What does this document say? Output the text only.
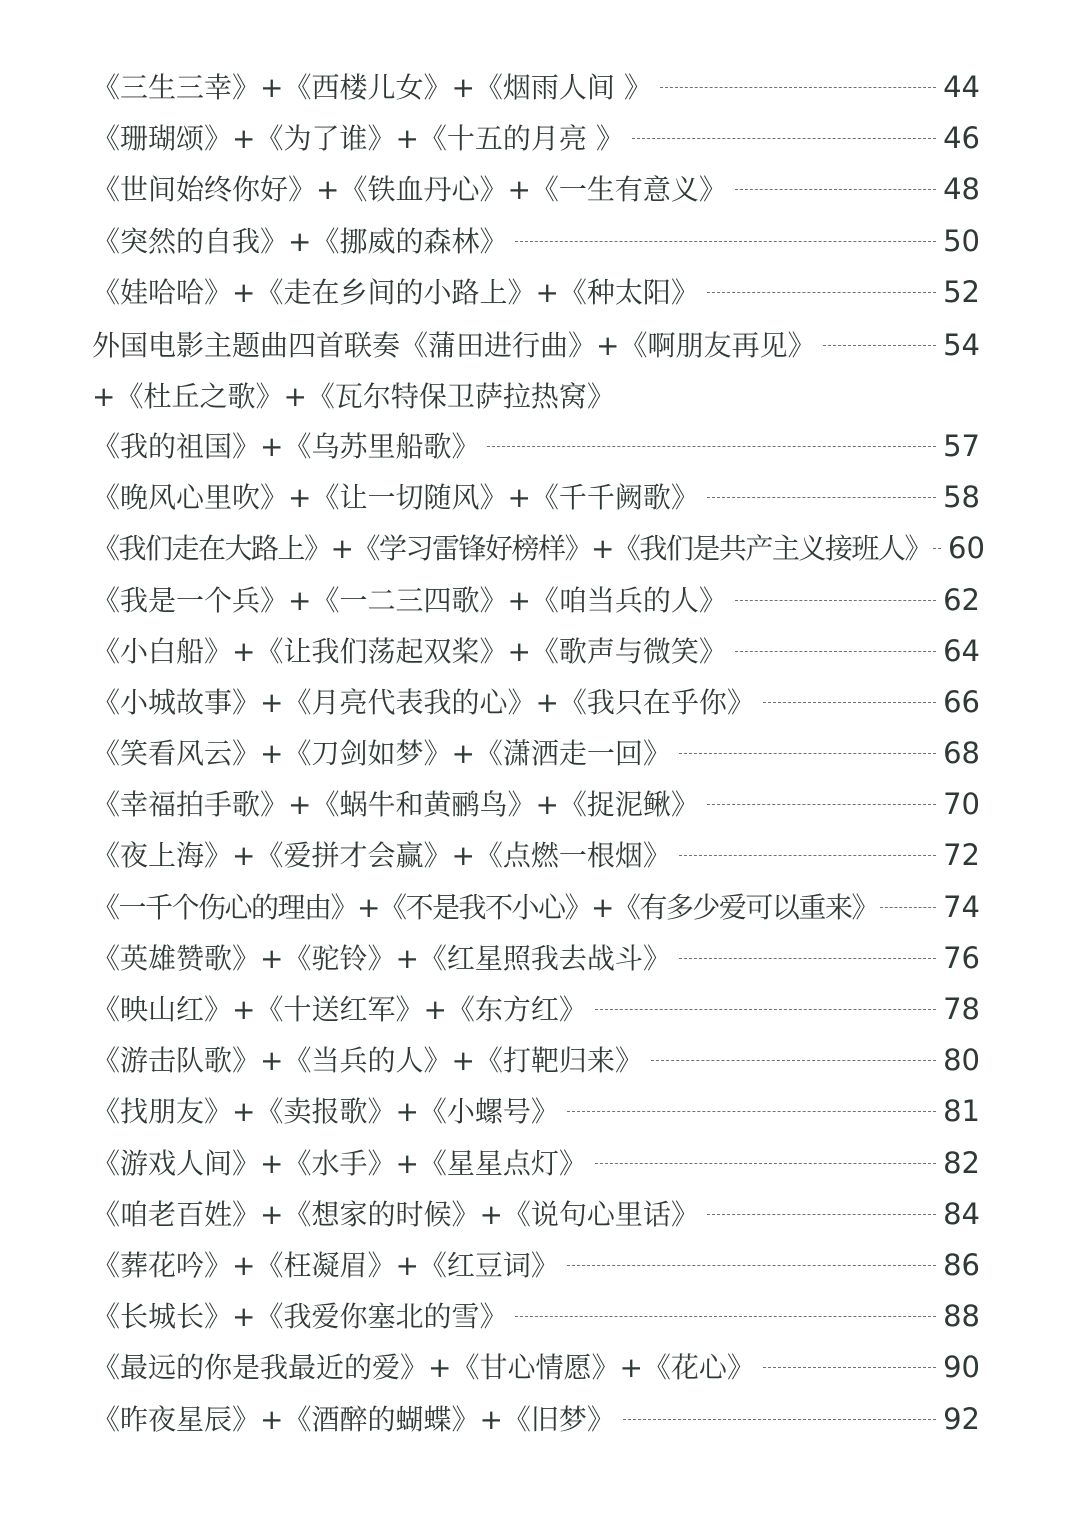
《三生三幸》+《西楼儿女》+《烟雨人间 》	44
《珊瑚颂》+《为了谁》+《十五的月亮 》	46
《世间始终你好》+《铁血丹心》+《一生有意义》	48
《突然的自我》+《挪威的森林》	50
《娃哈哈》+《走在乡间的小路上》+《种太阳》	52
外国电影主题曲四首联奏《蒲田进行曲》+《啊朋友再见》	54
+《杜丘之歌》+《瓦尔特保卫萨拉热窝》
《我的祖国》+《乌苏里船歌》	57
《晚风心里吹》+《让一切随风》+《千千阙歌》	58
《我们走在大路上》+《学习雷锋好榜样》+《我们是共产主义接班人》 60
《我是一个兵》+《一二三四歌》+《咱当兵的人》	62
《小白船》+《让我们荡起双桨》+《歌声与微笑》	64
《小城故事》+《月亮代表我的心》+《我只在乎你》	66
《笑看风云》+《刀剑如梦》+《潇洒走一回》	68
《幸福拍手歌》+《蜗牛和黄鹂鸟》+《捉泥鳅》	70
《夜上海》+《爱拼才会赢》+《点燃一根烟》	72
《一千个伤心的理由》+《不是我不小心》+《有多少爱可以重来》 74
《英雄赞歌》+《驼铃》+《红星照我去战斗》	76
《映山红》+《十送红军》+《东方红》	78
《游击队歌》+《当兵的人》+《打靶归来》	80
《找朋友》+《卖报歌》+《小螺号》	81
《游戏人间》+《水手》+《星星点灯》	82
《咱老百姓》+《想家的时候》+《说句心里话》	84
《葬花吟》+《枉凝眉》+《红豆词》	86
《长城长》+《我爱你塞北的雪》	88
《最远的你是我最近的爱》+《甘心情愿》+《花心》	90
《昨夜星辰》+《酒醉的蝴蝶》+《旧梦》	92
